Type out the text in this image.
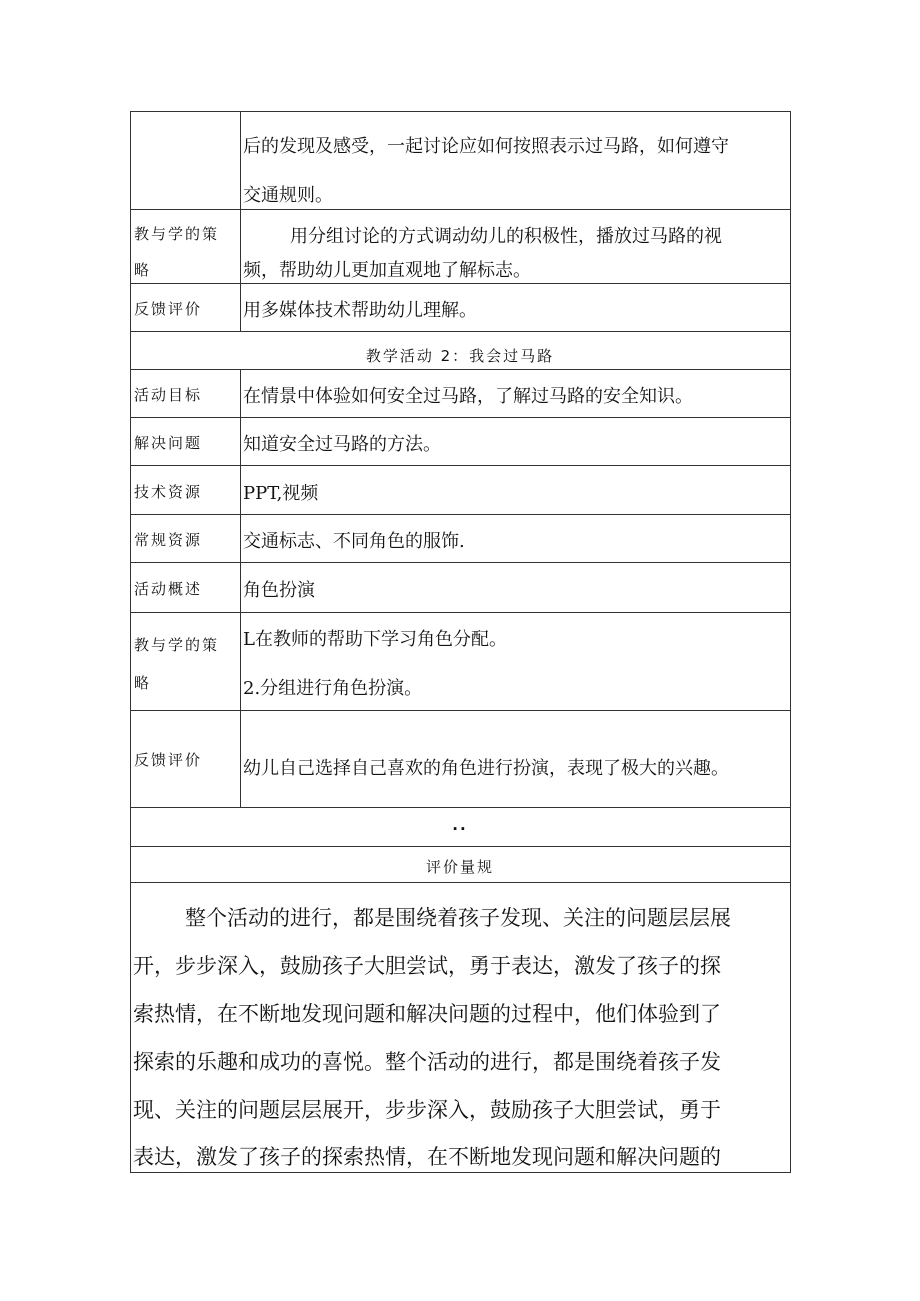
后的发现及感受，一起讨论应如何按照表示过马路，如何遵守
交通规则。
教与学的策
略
用分组讨论的方式调动幼儿的积极性，播放过马路的视
频，帮助幼儿更加直观地了解标志。
反馈评价 用多媒体技术帮助幼儿理解。
教学活动 2：我会过马路
活动目标 在情景中体验如何安全过马路，了解过马路的安全知识。
解决问题 知道安全过马路的方法。
技术资源 PPT,视频
常规资源 交通标志、不同角色的服饰.
活动概述 角色扮演
教与学的策
略
L在教师的帮助下学习角色分配。
2.分组进行角色扮演。
反馈评价 幼儿自己选择自己喜欢的角色进行扮演，表现了极大的兴趣。
..
评价量规
整个活动的进行，都是围绕着孩子发现、关注的问题层层展
开，步步深入，鼓励孩子大胆尝试，勇于表达，激发了孩子的探
索热情，在不断地发现问题和解决问题的过程中，他们体验到了
探索的乐趣和成功的喜悦。整个活动的进行，都是围绕着孩子发
现、关注的问题层层展开，步步深入，鼓励孩子大胆尝试，勇于
表达，激发了孩子的探索热情，在不断地发现问题和解决问题的
